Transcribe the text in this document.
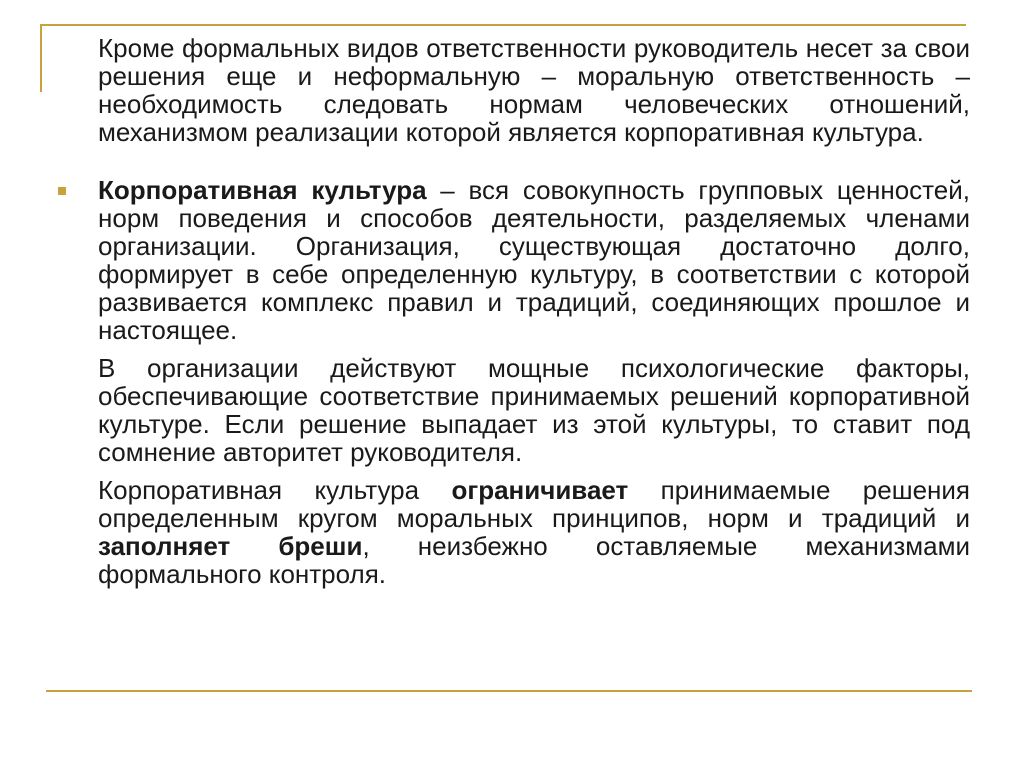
Кроме формальных видов ответственности руководитель несет за свои решения еще и неформальную – моральную ответственность – необходимость следовать нормам человеческих отношений, механизмом реализации которой является корпоративная культура.

Корпоративная культура – вся совокупность групповых ценностей, норм поведения и способов деятельности, разделяемых членами организации. Организация, существующая достаточно долго, формирует в себе определенную культуру, в соответствии с которой развивается комплекс правил и традиций, соединяющих прошлое и настоящее.

В организации действуют мощные психологические факторы, обеспечивающие соответствие принимаемых решений корпоративной культуре. Если решение выпадает из этой культуры, то ставит под сомнение авторитет руководителя.

Корпоративная культура ограничивает принимаемые решения определенным кругом моральных принципов, норм и традиций и заполняет бреши, неизбежно оставляемые механизмами формального контроля.
